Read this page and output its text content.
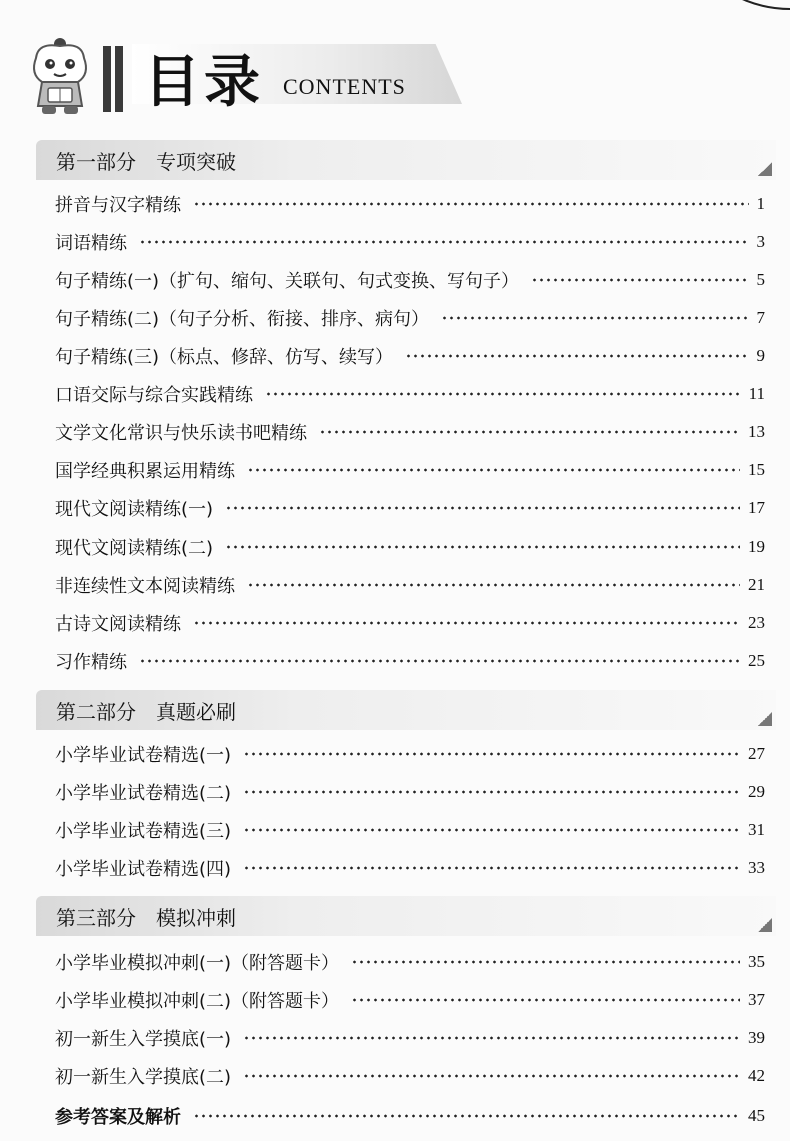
目录 CONTENTS
第一部分　专项突破
拼音与汉字精练	1
词语精练	3
句子精练(一)（扩句、缩句、关联句、句式变换、写句子）	5
句子精练(二)（句子分析、衔接、排序、病句）	7
句子精练(三)（标点、修辞、仿写、续写）	9
口语交际与综合实践精练	11
文学文化常识与快乐读书吧精练	13
国学经典积累运用精练	15
现代文阅读精练(一)	17
现代文阅读精练(二)	19
非连续性文本阅读精练	21
古诗文阅读精练	23
习作精练	25
第二部分　真题必刷
小学毕业试卷精选(一)	27
小学毕业试卷精选(二)	29
小学毕业试卷精选(三)	31
小学毕业试卷精选(四)	33
第三部分　模拟冲刺
小学毕业模拟冲刺(一)（附答题卡）	35
小学毕业模拟冲刺(二)（附答题卡）	37
初一新生入学摸底(一)	39
初一新生入学摸底(二)	42
参考答案及解析	45
